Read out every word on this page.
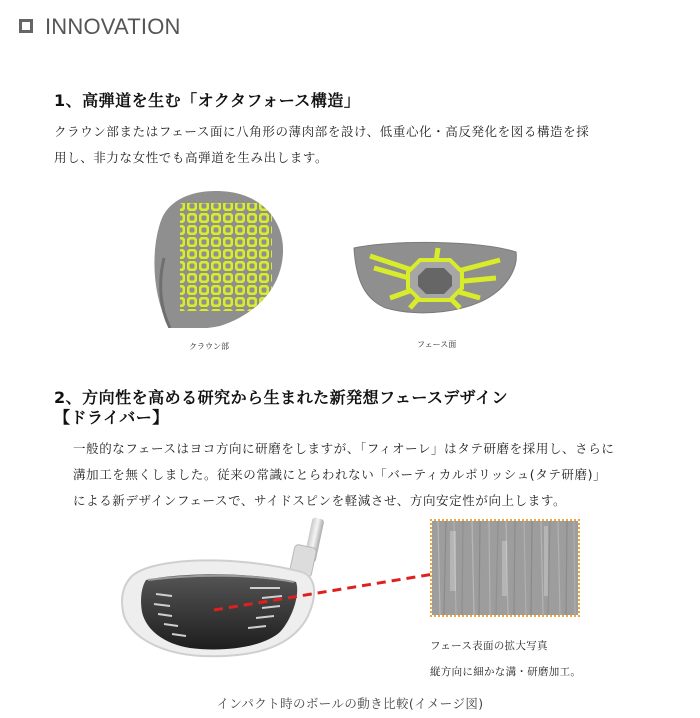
INNOVATION
1、高弾道を生む「オクタフォース構造」
クラウン部またはフェース面に八角形の薄肉部を設け、低重心化・高反発化を図る構造を採
用し、非力な女性でも高弾道を生み出します。
クラウン部	フェース面
2、方向性を高める研究から生まれた新発想フェースデザイン
【ドライバー】
一般的なフェースはヨコ方向に研磨をしますが、「フィオーレ」はタテ研磨を採用し、さらに
溝加工を無くしました。従来の常識にとらわれない「バーティカルポリッシュ(タテ研磨)」
による新デザインフェースで、サイドスピンを軽減させ、方向安定性が向上します。
フェース表面の拡大写真
縦方向に細かな溝・研磨加工。
インパクト時のボールの動き比較(イメージ図)
